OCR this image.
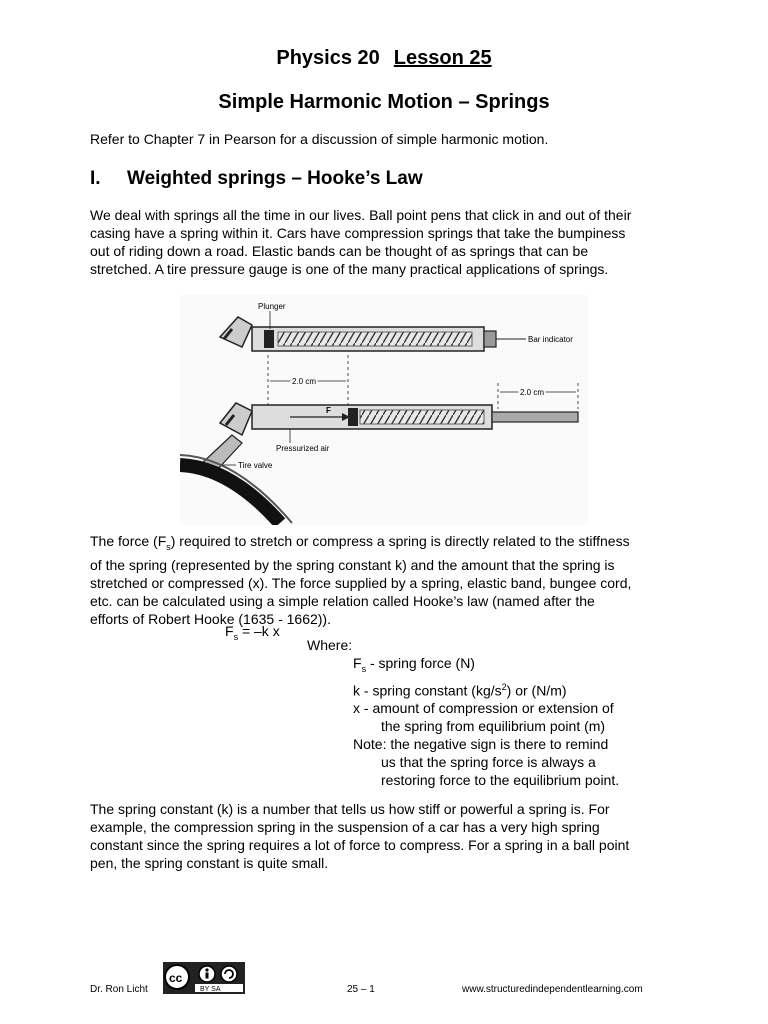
Physics 20 Lesson 25
Simple Harmonic Motion – Springs
Refer to Chapter 7 in Pearson for a discussion of simple harmonic motion.
I. Weighted springs – Hooke’s Law
We deal with springs all the time in our lives. Ball point pens that click in and out of their
casing have a spring within it. Cars have compression springs that take the bumpiness
out of riding down a road. Elastic bands can be thought of as springs that can be
stretched. A tire pressure gauge is one of the many practical applications of springs.
Plunger
Bar indicator
2.0 cm
2.0 cm
F
Pressurized air
Tire valve
The force $(F_s)$ required to stretch or compress a spring is directly related to the stiffness
of the spring (represented by the spring constant k) and the amount that the spring is
stretched or compressed (x). The force supplied by a spring, elastic band, bungee cord,
etc. can be calculated using a simple relation called Hooke’s law (named after the
efforts of Robert Hooke (1635 - 1662)).
$F_s = -k$ x
Where:
$F_s$ - spring force (N)
k - spring constant $(kg/s^2)$ or (N/m)
x - amount of compression or extension of
the spring from equilibrium point (m)
Note: the negative sign is there to remind
us that the spring force is always a
restoring force to the equilibrium point.
The spring constant (k) is a number that tells us how stiff or powerful a spring is. For
example, the compression spring in the suspension of a car has a very high spring
constant since the spring requires a lot of force to compress. For a spring in a ball point
pen, the spring constant is quite small.
Dr. Ron Licht
cc
BY SA	25 – 1	www.structuredindependentlearning.com
